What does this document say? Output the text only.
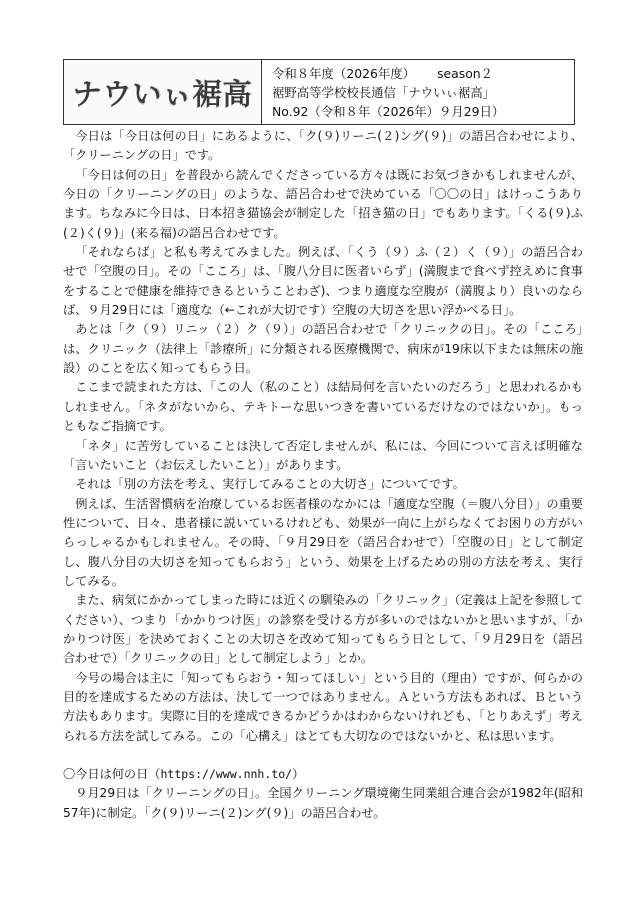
ナウいぃ裾高
令和８年度（2026年度） season２
裾野高等学校校長通信「ナウいぃ裾高」
No.92（令和８年（2026年）９月29日）

今日は「今日は何の日」にあるように、「ク(９)リーニ(２)ング(９)」の語呂合わせにより、「クリーニングの日」です。

「今日は何の日」を普段から読んでくださっている方々は既にお気づきかもしれませんが、今日の「クリーニングの日」のような、語呂合わせで決めている「〇〇の日」はけっこうあります。ちなみに今日は、日本招き猫協会が制定した「招き猫の日」でもあります。「くる(９)ふ(２)く(９)」(来る福)の語呂合わせです。

「それならば」と私も考えてみました。例えば、「くう（９）ふ（２）く（９）」の語呂合わせで「空腹の日」。その「こころ」は、「腹八分目に医者いらず」(満腹まで食べず控えめに食事をすることで健康を維持できるということわざ)、つまり適度な空腹が（満腹より）良いのならば、９月29日には「適度な（←これが大切です）空腹の大切さを思い浮かべる日」。

あとは「ク（９）リニッ（２）ク（９）」の語呂合わせで「クリニックの日」。その「こころ」は、クリニック（法律上「診療所」に分類される医療機関で、病床が19床以下または無床の施設）のことを広く知ってもらう日。

ここまで読まれた方は、「この人（私のこと）は結局何を言いたいのだろう」と思われるかもしれません。「ネタがないから、テキトーな思いつきを書いているだけなのではないか」。もっともなご指摘です。

「ネタ」に苦労していることは決して否定しませんが、私には、今回について言えば明確な「言いたいこと（お伝えしたいこと）」があります。

それは「別の方法を考え、実行してみることの大切さ」についてです。

例えば、生活習慣病を治療しているお医者様のなかには「適度な空腹（＝腹八分目）」の重要性について、日々、患者様に説いているけれども、効果が一向に上がらなくてお困りの方がいらっしゃるかもしれません。その時、「９月29日を（語呂合わせで）「空腹の日」として制定し、腹八分目の大切さを知ってもらおう」という、効果を上げるための別の方法を考え、実行してみる。

また、病気にかかってしまった時には近くの馴染みの「クリニック」（定義は上記を参照してください）、つまり「かかりつけ医」の診察を受ける方が多いのではないかと思いますが、「かかりつけ医」を決めておくことの大切さを改めて知ってもらう日として、「９月29日を（語呂合わせで）「クリニックの日」として制定しよう」とか。

今号の場合は主に「知ってもらおう・知ってほしい」という目的（理由）ですが、何らかの目的を達成するための方法は、決して一つではありません。Ａという方法もあれば、Ｂという方法もあります。実際に目的を達成できるかどうかはわからないけれども、「とりあえず」考えられる方法を試してみる。この「心構え」はとても大切なのではないかと、私は思います。

〇今日は何の日（https://www.nnh.to/）

９月29日は「クリーニングの日」。全国クリーニング環境衛生同業組合連合会が1982年(昭和57年)に制定。「ク(９)リーニ(２)ング(９)」の語呂合わせ。
